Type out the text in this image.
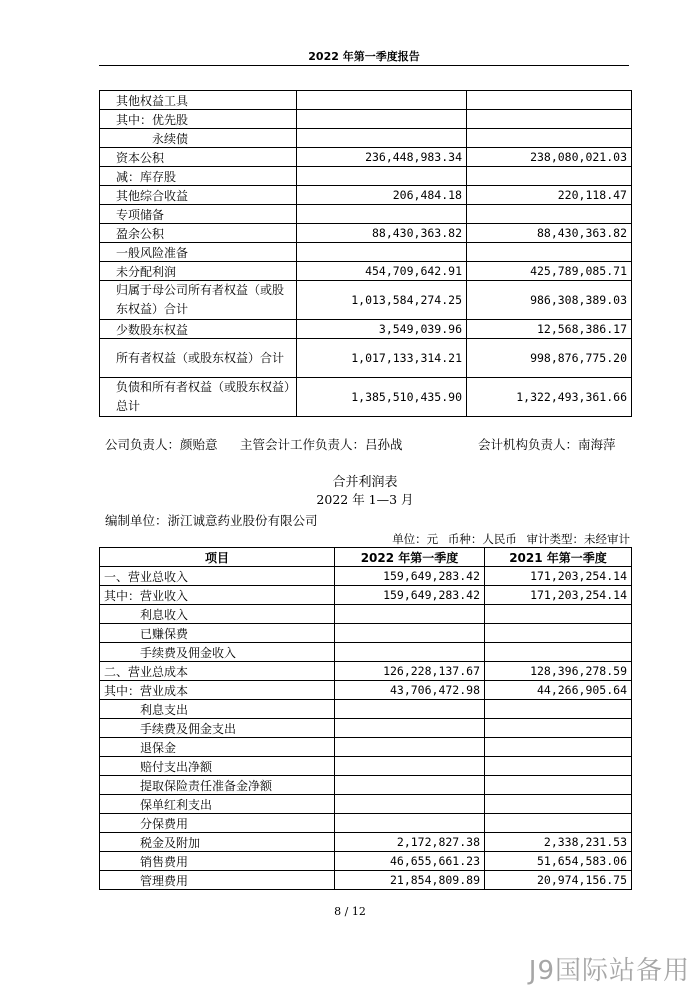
2022 年第一季度报告
其他权益工具		
其中：优先股		
永续债		
资本公积	236,448,983.34	238,080,021.03
减：库存股		
其他综合收益	206,484.18	220,118.47
专项储备		
盈余公积	88,430,363.82	88,430,363.82
一般风险准备		
未分配利润	454,709,642.91	425,789,085.71
归属于母公司所有者权益（或股东权益）合计	1,013,584,274.25	986,308,389.03
少数股东权益	3,549,039.96	12,568,386.17
所有者权益（或股东权益）合计	1,017,133,314.21	998,876,775.20
负债和所有者权益（或股东权益）总计	1,385,510,435.90	1,322,493,361.66
公司负责人：颜贻意 主管会计工作负责人：吕孙战	会计机构负责人：南海萍
合并利润表
2022 年 1—3 月
编制单位：浙江诚意药业股份有限公司
单位：元 币种：人民币 审计类型：未经审计
项目	2022 年第一季度	2021 年第一季度
一、营业总收入	159,649,283.42	171,203,254.14
其中：营业收入	159,649,283.42	171,203,254.14
利息收入		
已赚保费		
手续费及佣金收入		
二、营业总成本	126,228,137.67	128,396,278.59
其中：营业成本	43,706,472.98	44,266,905.64
利息支出		
手续费及佣金支出		
退保金		
赔付支出净额		
提取保险责任准备金净额		
保单红利支出		
分保费用		
税金及附加	2,172,827.38	2,338,231.53
销售费用	46,655,661.23	51,654,583.06
管理费用	21,854,809.89	20,974,156.75
8 / 12
J9国际站备用
